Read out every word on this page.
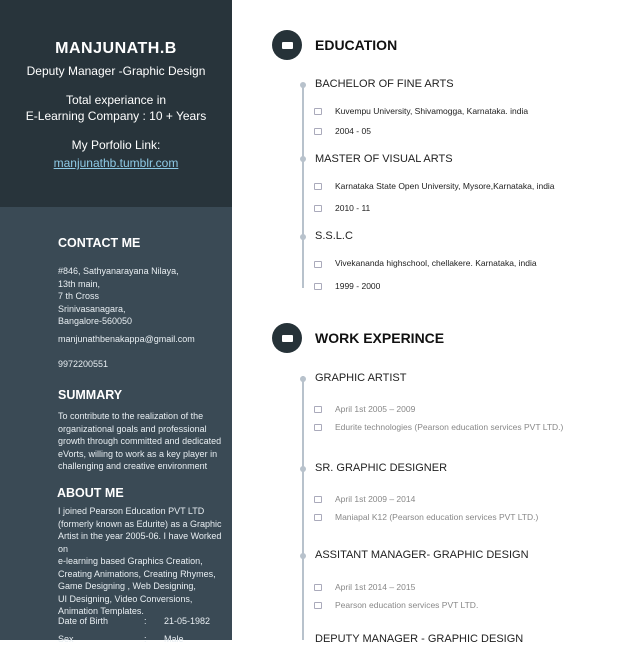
MANJUNATH.B
Deputy Manager -Graphic Design
Total experiance in
E-Learning Company : 10 + Years
My Porfolio Link:
manjunathb.tumblr.com
CONTACT ME
#846, Sathyanarayana Nilaya,
13th main,
7 th Cross
Srinivasanagara,
Bangalore-560050
manjunathbenakappa@gmail.com
9972200551
SUMMARY
To contribute to the realization of the
organizational goals and professional
growth through committed and dedicated
eVorts, willing to work as a key player in
challenging and creative environment
ABOUT ME
I joined Pearson Education PVT LTD
(formerly known as Edurite) as a Graphic
Artist in the year 2005-06. I have Worked on
e-learning based Graphics Creation,
Creating Animations, Creating Rhymes,
Game Designing , Web Designing,
UI Designing, Video Conversions,
Animation Templates.
Date of Birth	:	21-05-1982
Sex	:	Male
EDUCATION
BACHELOR OF FINE ARTS
Kuvempu University, Shivamogga, Karnataka. india
2004 - 05
MASTER OF VISUAL ARTS
Karnataka State Open University, Mysore,Karnataka, india
2010 - 11
S.S.L.C
Vivekananda highschool, chellakere. Karnataka, india
1999 - 2000
WORK EXPERINCE
GRAPHIC ARTIST
April 1st 2005 – 2009
Edurite technologies (Pearson education services PVT LTD.)
SR. GRAPHIC DESIGNER
April 1st 2009 – 2014
Maniapal K12 (Pearson education services PVT LTD.)
ASSITANT MANAGER- GRAPHIC DESIGN
April 1st 2014 – 2015
Pearson education services PVT LTD.
DEPUTY MANAGER - GRAPHIC DESIGN
